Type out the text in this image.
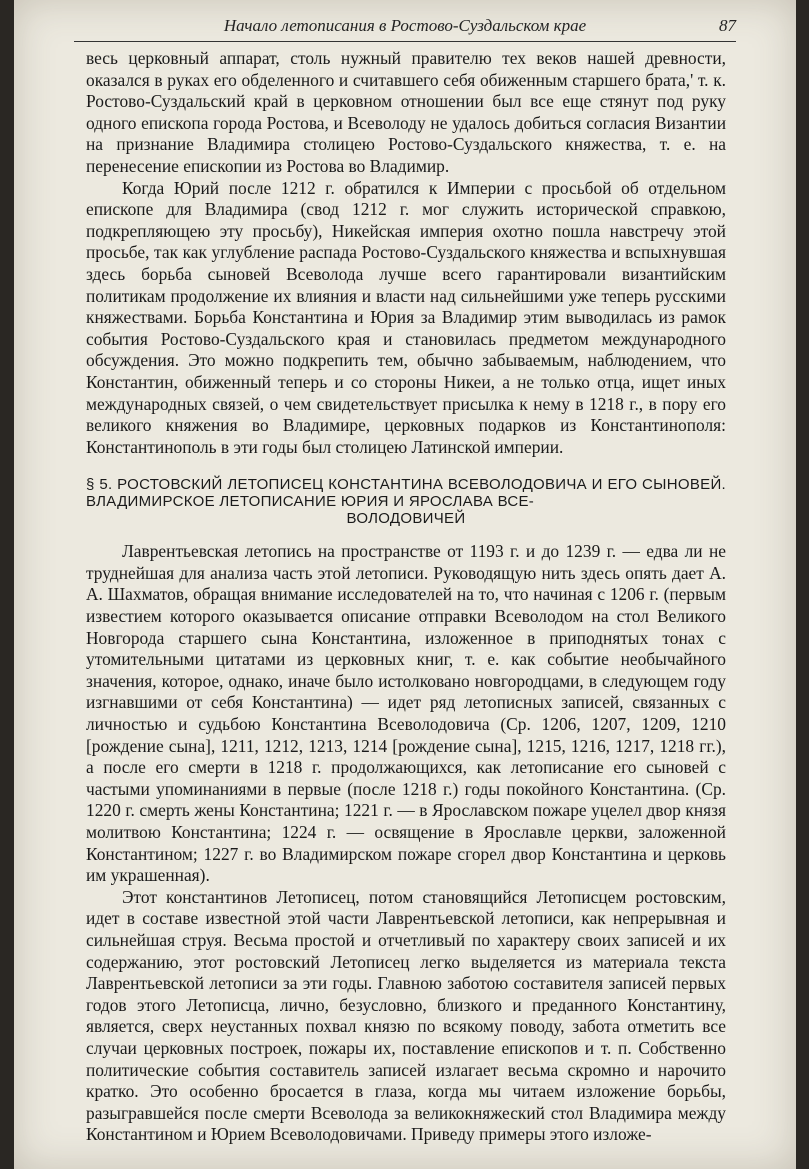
Начало летописания в Ростово-Суздальском крае	87

весь церковный аппарат, столь нужный правителю тех веков нашей древности, оказался в руках его обделенного и считавшего себя обиженным старшего брата,' т. к. Ростово-Суздальский край в церковном отношении был все еще стянут под руку одного епископа города Ростова, и Всеволоду не удалось добиться согласия Византии на признание Владимира столицею Ростово-Суздальского княжества, т. е. на перенесение епископии из Ростова во Владимир.

Когда Юрий после 1212 г. обратился к Империи с просьбой об отдельном епископе для Владимира (свод 1212 г. мог служить исторической справкою, подкрепляющею эту просьбу), Никейская империя охотно пошла навстречу этой просьбе, так как углубление распада Ростово-Суздальского княжества и вспыхнувшая здесь борьба сыновей Всеволода лучше всего гарантировали византийским политикам продолжение их влияния и власти над сильнейшими уже теперь русскими княжествами. Борьба Константина и Юрия за Владимир этим выводилась из рамок события Ростово-Суздальского края и становилась предметом международного обсуждения. Это можно подкрепить тем, обычно забываемым, наблюдением, что Константин, обиженный теперь и со стороны Никеи, а не только отца, ищет иных международных связей, о чем свидетельствует присылка к нему в 1218 г., в пору его великого княжения во Владимире, церковных подарков из Константинополя: Константинополь в эти годы был столицею Латинской империи.

§ 5. РОСТОВСКИЙ ЛЕТОПИСЕЦ КОНСТАНТИНА ВСЕВОЛОДОВИЧА И ЕГО СЫНОВЕЙ. ВЛАДИМИРСКОЕ ЛЕТОПИСАНИЕ ЮРИЯ И ЯРОСЛАВА ВСЕ-
ВОЛОДОВИЧЕЙ

Лаврентьевская летопись на пространстве от 1193 г. и до 1239 г. — едва ли не труднейшая для анализа часть этой летописи. Руководящую нить здесь опять дает А. А. Шахматов, обращая внимание исследователей на то, что начиная с 1206 г. (первым известием которого оказывается описание отправки Всеволодом на стол Великого Новгорода старшего сына Константина, изложенное в приподнятых тонах с утомительными цитатами из церковных книг, т. е. как событие необычайного значения, которое, однако, иначе было истолковано новгородцами, в следующем году изгнавшими от себя Константина) — идет ряд летописных записей, связанных с личностью и судьбою Константина Всеволодовича (Ср. 1206, 1207, 1209, 1210 [рождение сына], 1211, 1212, 1213, 1214 [рождение сына], 1215, 1216, 1217, 1218 гг.), а после его смерти в 1218 г. продолжающихся, как летописание его сыновей с частыми упоминаниями в первые (после 1218 г.) годы покойного Константина. (Ср. 1220 г. смерть жены Константина; 1221 г. — в Ярославском пожаре уцелел двор князя молитвою Константина; 1224 г. — освящение в Ярославле церкви, заложенной Константином; 1227 г. во Владимирском пожаре сгорел двор Константина и церковь им украшенная).

Этот константинов Летописец, потом становящийся Летописцем ростовским, идет в составе известной этой части Лаврентьевской летописи, как непрерывная и сильнейшая струя. Весьма простой и отчетливый по характеру своих записей и их содержанию, этот ростовский Летописец легко выделяется из материала текста Лаврентьевской летописи за эти годы. Главною заботою составителя записей первых годов этого Летописца, лично, безусловно, близкого и преданного Константину, является, сверх неустанных похвал князю по всякому поводу, забота отметить все случаи церковных построек, пожары их, поставление епископов и т. п. Собственно политические события составитель записей излагает весьма скромно и нарочито кратко. Это особенно бросается в глаза, когда мы читаем изложение борьбы, разыгравшейся после смерти Всеволода за великокняжеский стол Владимира между Константином и Юрием Всеволодовичами. Приведу примеры этого изложе-
